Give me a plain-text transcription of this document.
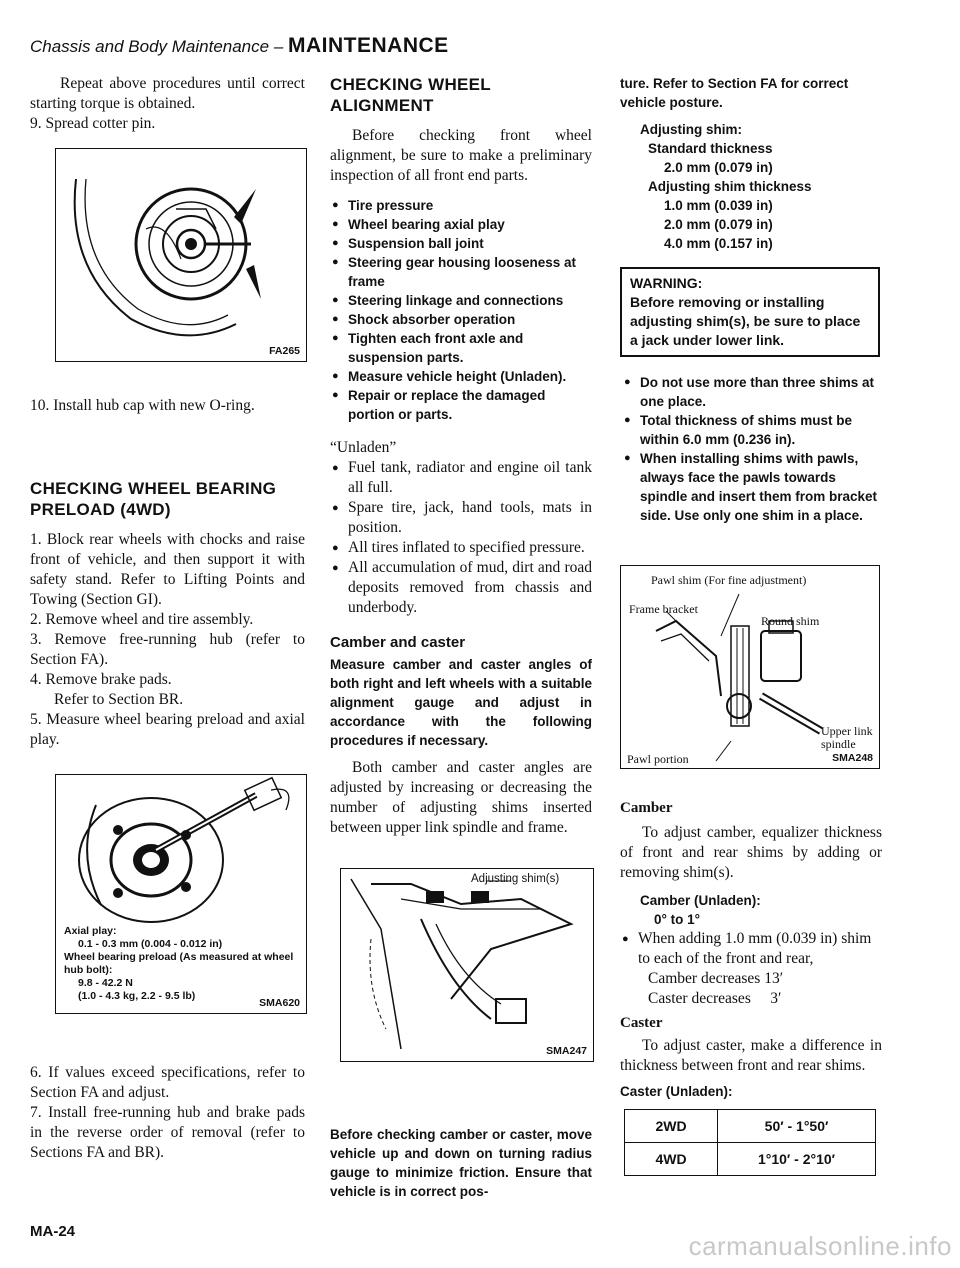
Chassis and Body Maintenance – MAINTENANCE

Repeat above procedures until correct starting torque is obtained.

9. Spread cotter pin.

FA265

10. Install hub cap with new O-ring.

CHECKING WHEEL BEARING PRELOAD (4WD)

1. Block rear wheels with chocks and raise front of vehicle, and then support it with safety stand. Refer to Lifting Points and Towing (Section GI).

2. Remove wheel and tire assembly.

3. Remove free-running hub (refer to Section FA).

4. Remove brake pads.

Refer to Section BR.

5. Measure wheel bearing preload and axial play.

Axial play:
0.1 - 0.3 mm (0.004 - 0.012 in)
Wheel bearing preload (As measured at wheel hub bolt):
9.8 - 42.2 N
(1.0 - 4.3 kg, 2.2 - 9.5 lb)
SMA620

6. If values exceed specifications, refer to Section FA and adjust.

7. Install free-running hub and brake pads in the reverse order of removal (refer to Sections FA and BR).

CHECKING WHEEL ALIGNMENT

Before checking front wheel alignment, be sure to make a preliminary inspection of all front end parts.

● Tire pressure
● Wheel bearing axial play
● Suspension ball joint
● Steering gear housing looseness at frame
● Steering linkage and connections
● Shock absorber operation
● Tighten each front axle and suspension parts.
● Measure vehicle height (Unladen).
● Repair or replace the damaged portion or parts.

“Unladen”

● Fuel tank, radiator and engine oil tank all full.
● Spare tire, jack, hand tools, mats in position.
● All tires inflated to specified pressure.
● All accumulation of mud, dirt and road deposits removed from chassis and underbody.
Camber and caster

Measure camber and caster angles of both right and left wheels with a suitable alignment gauge and adjust in accordance with the following procedures if necessary.

Both camber and caster angles are adjusted by increasing or decreasing the number of adjusting shims inserted between upper link spindle and frame.

Adjusting shim(s)
SMA247

Before checking camber or caster, move vehicle up and down on turning radius gauge to minimize friction. Ensure that vehicle is in correct pos-

ture. Refer to Section FA for correct vehicle posture.

Adjusting shim:
Standard thickness
2.0 mm (0.079 in)
Adjusting shim thickness
1.0 mm (0.039 in)
2.0 mm (0.079 in)
4.0 mm (0.157 in)
WARNING:
Before removing or installing adjusting shim(s), be sure to place a jack under lower link.
● Do not use more than three shims at one place.
● Total thickness of shims must be within 6.0 mm (0.236 in).
● When installing shims with pawls, always face the pawls towards spindle and insert them from bracket side. Use only one shim in a place.
Pawl shim (For fine adjustment)
Frame bracket
Round shim
Upper link
spindle
Pawl portion	SMA248
Camber

To adjust camber, equalizer thickness of front and rear shims by adding or removing shim(s).

Camber (Unladen):
0° to 1°
● When adding 1.0 mm (0.039 in) shim to each of the front and rear,
Camber decreases 13′
Caster decreases     3′
Caster

To adjust caster, make a difference in thickness between front and rear shims.

Caster (Unladen):
2WD	50′ - 1°50′
4WD	1°10′ - 2°10′
MA-24	carmanualsonline.info
